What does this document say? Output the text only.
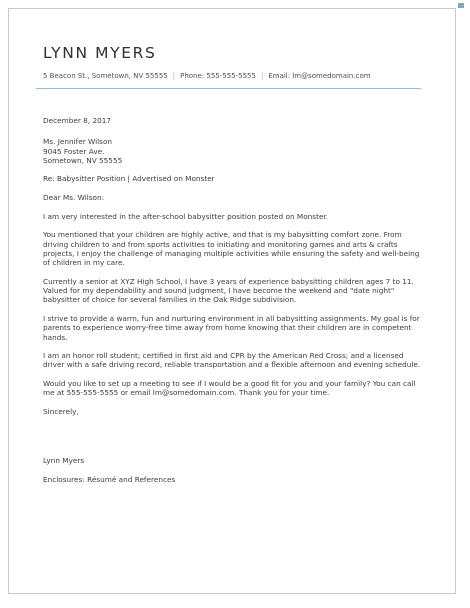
LYNN MYERS
5 Beacon St., Sometown, NV 55555 | Phone: 555-555-5555 | Email: lm@somedomain.com

December 8, 2017

Ms. Jennifer Wilson

9045 Foster Ave.

Sometown, NV 55555

Re: Babysitter Position | Advertised on Monster

Dear Ms. Wilson:

I am very interested in the after-school babysitter position posted on Monster.

You mentioned that your children are highly active, and that is my babysitting comfort zone. From driving children to and from sports activities to initiating and monitoring games and arts & crafts projects, I enjoy the challenge of managing multiple activities while ensuring the safety and well-being of children in my care.

Currently a senior at XYZ High School, I have 3 years of experience babysitting children ages 7 to 11. Valued for my dependability and sound judgment, I have become the weekend and "date night" babysitter of choice for several families in the Oak Ridge subdivision.

I strive to provide a warm, fun and nurturing environment in all babysitting assignments. My goal is for parents to experience worry-free time away from home knowing that their children are in competent hands.

I am an honor roll student; certified in first aid and CPR by the American Red Cross; and a licensed driver with a safe driving record, reliable transportation and a flexible afternoon and evening schedule.

Would you like to set up a meeting to see if I would be a good fit for you and your family? You can call me at 555-555-5555 or email lm@somedomain.com. Thank you for your time.

Sincerely,

Lynn Myers

Enclosures: Résumé and References
